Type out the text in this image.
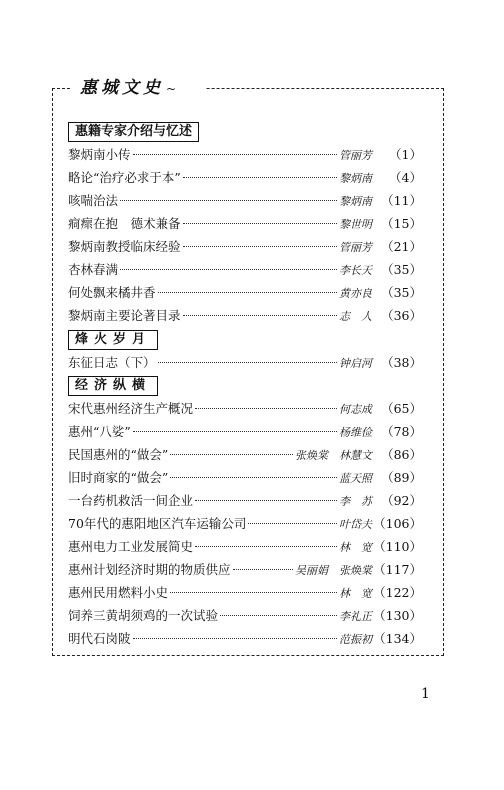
惠城文史 ~
惠籍专家介绍与忆述
黎炳南小传	管丽芳	（1）
略论“治疗必求于本”	黎炳南	（4）
咳喘治法	黎炳南 （11）
痌瘝在抱　德术兼备	黎世明 （15）
黎炳南教授临床经验	管丽芳 （21）
杏林春满	李长天 （35）
何处飘来橘井香	黄亦良 （35）
黎炳南主要论著目录	志　人 （36）
烽火岁月
东征日志（下）	钟启河 （38）
经济纵横
宋代惠州经济生产概况	何志成 （65）
惠州“八娑”	杨维俭 （78）
民国惠州的“做会”	张焕棠　林慧文 （86）
旧时商家的“做会”	蓝天照 （89）
一台药机救活一间企业	李　苏 （92）
70年代的惠阳地区汽车运输公司	叶岱夫 （106）
惠州电力工业发展简史	林　宽 （110）
惠州计划经济时期的物质供应	吴丽娟　张焕棠 （117）
惠州民用燃料小史	林　宽 （122）
饲养三黄胡须鸡的一次试验	李礼正 （130）
明代石岗陂	范振初 （134）
1
